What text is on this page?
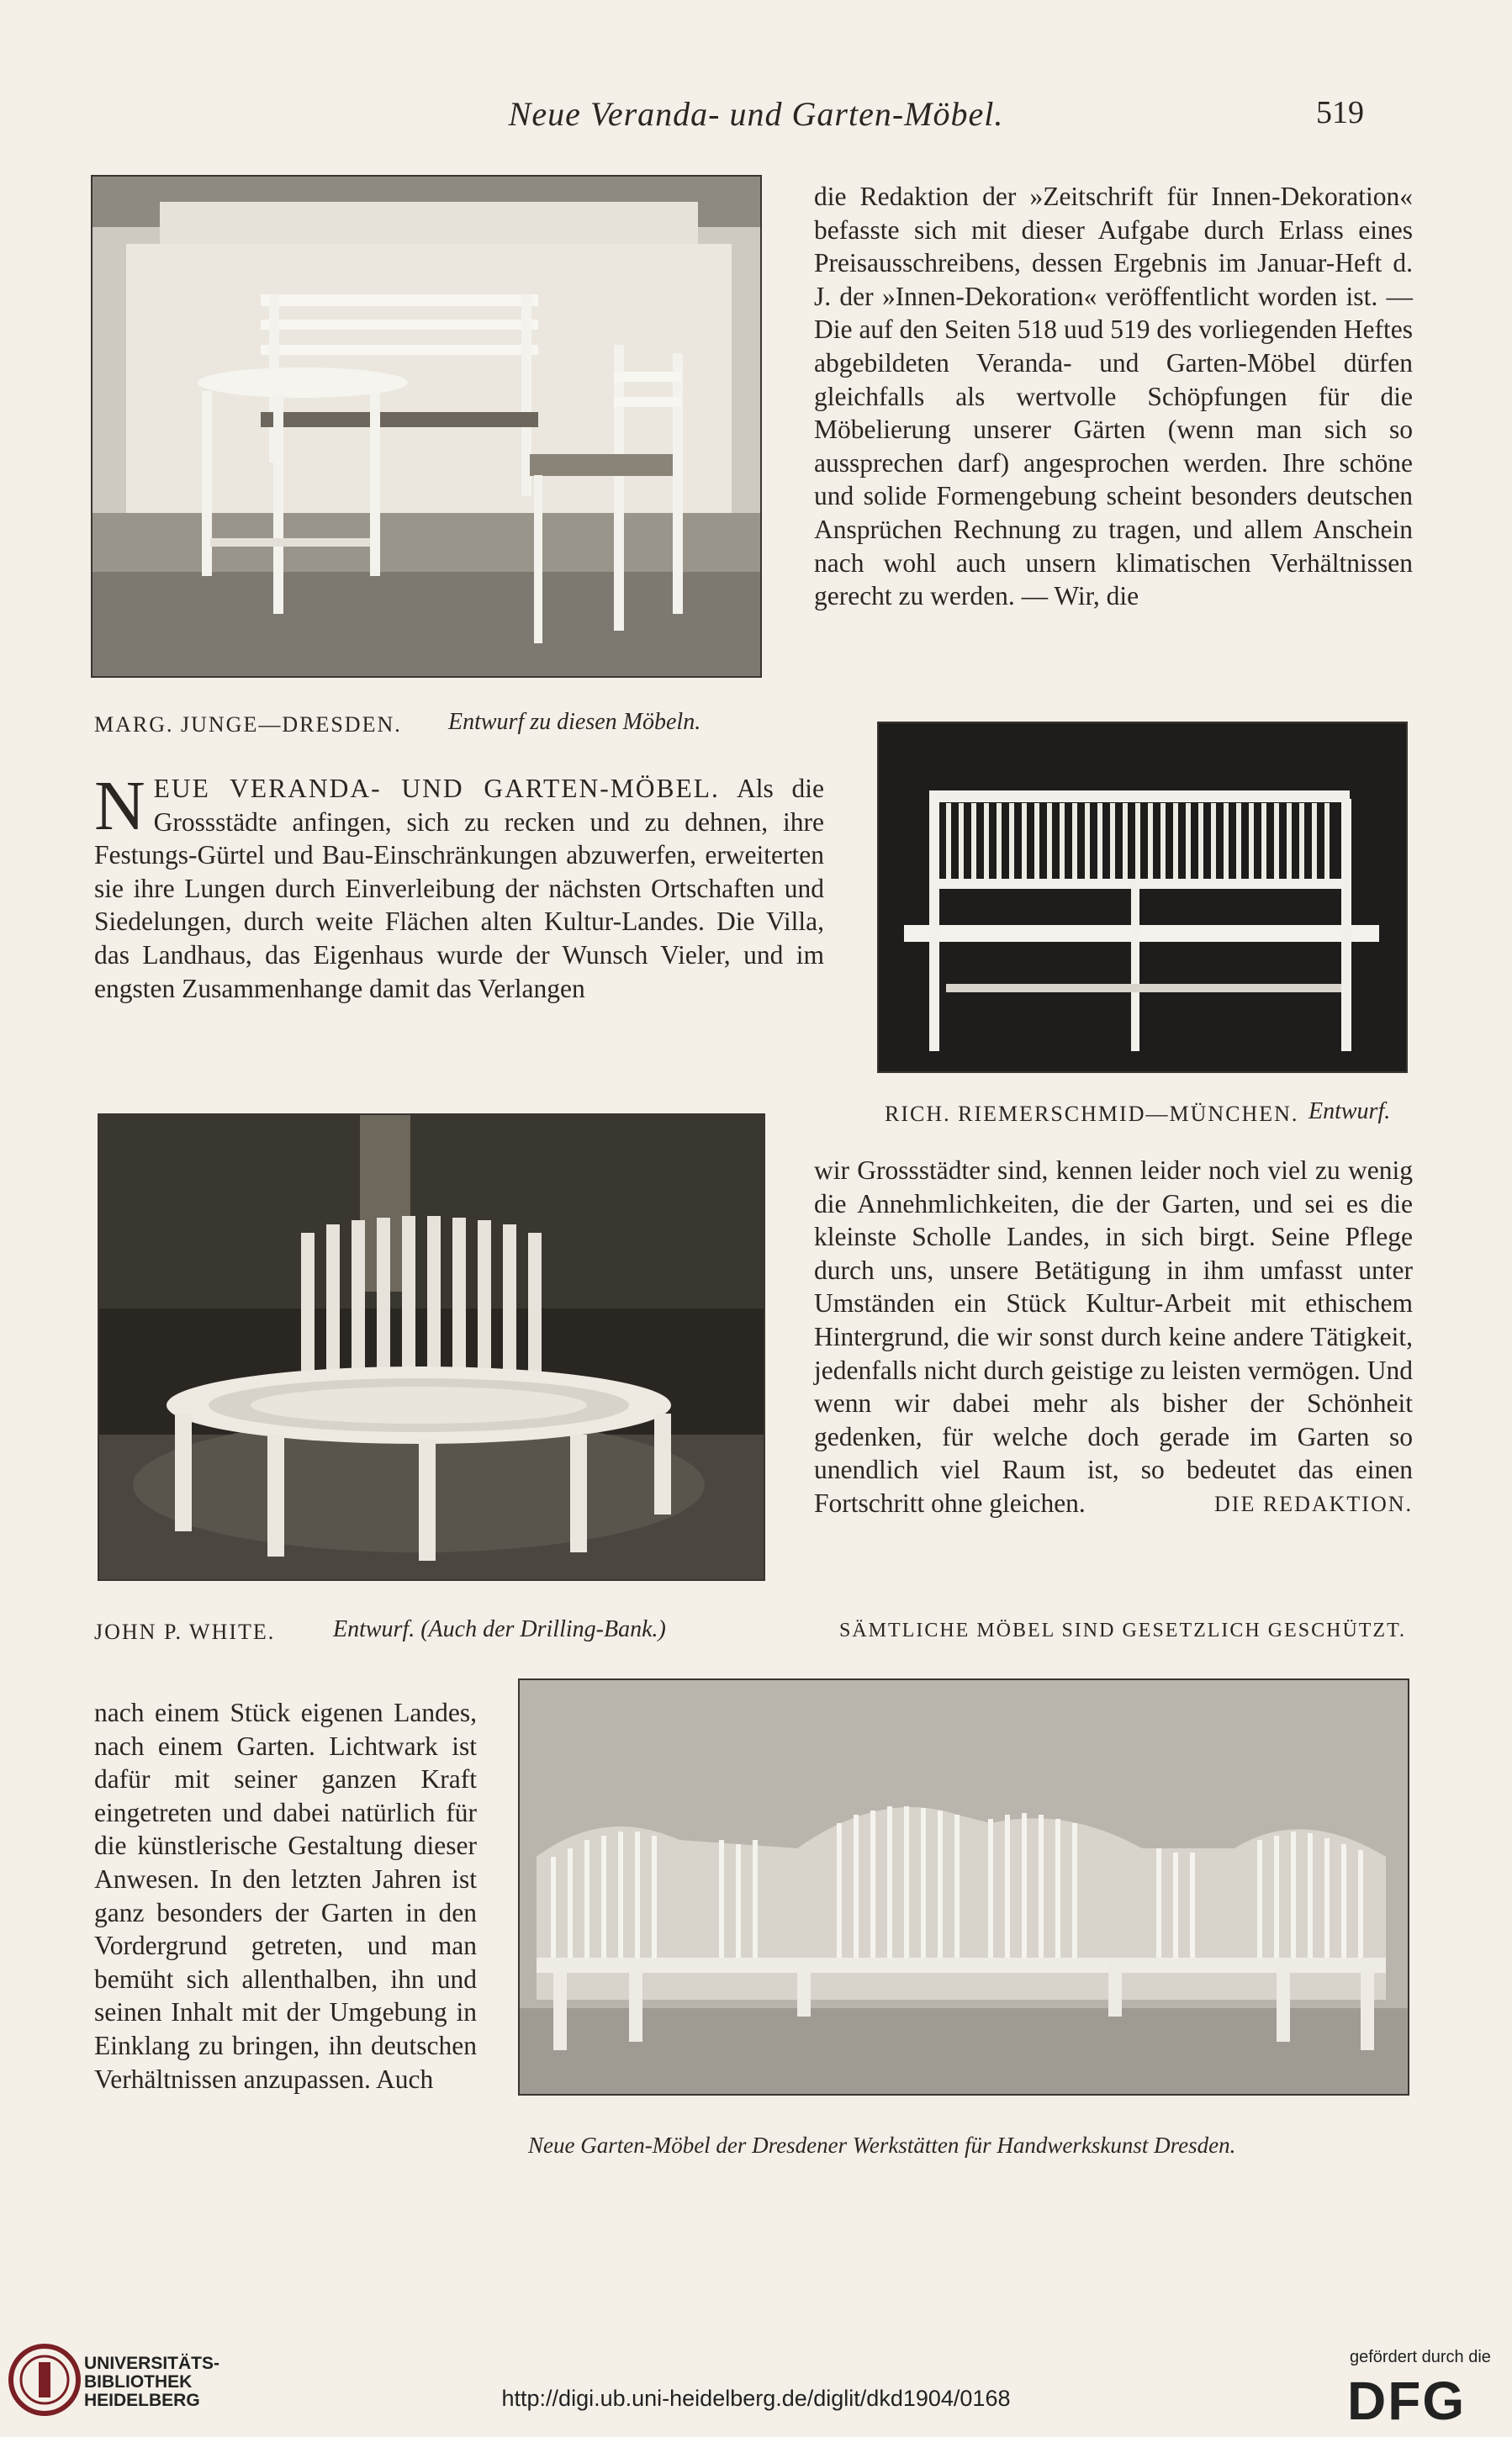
Neue Veranda- und Garten-Möbel.	519
MARG. JUNGE—DRESDEN. Entwurf zu diesen Möbeln.

die Redaktion der »Zeitschrift für Innen-Dekoration« befasste sich mit dieser Aufgabe durch Erlass eines Preisausschreibens, dessen Ergebnis im Januar-Heft d. J. der »Innen-Dekoration« veröffentlicht worden ist. — Die auf den Seiten 518 uud 519 des vorliegenden Heftes abgebildeten Veranda- und Garten-Möbel dürfen gleichfalls als wertvolle Schöpfungen für die Möbelierung unserer Gärten (wenn man sich so aussprechen darf) angesprochen werden. Ihre schöne und solide Formengebung scheint besonders deutschen Ansprüchen Rechnung zu tragen, und allem Anschein nach wohl auch unsern klimatischen Verhältnissen gerecht zu werden. — Wir, die

RICH. RIEMERSCHMID—MÜNCHEN. Entwurf.
N EUE VERANDA- UND GARTEN-MÖBEL. Als die Grossstädte anfingen, sich zu recken und zu dehnen, ihre Festungs-Gürtel und Bau-Einschränkungen abzuwerfen, erweiterten sie ihre Lungen durch Einverleibung der nächsten Ortschaften und Siedelungen, durch weite Flächen alten Kultur-Landes. Die Villa, das Landhaus, das Eigenhaus wurde der Wunsch Vieler, und im engsten Zusammenhange damit das Verlangen
JOHN P. WHITE. Entwurf. (Auch der Drilling-Bank.)	SÄMTLICHE MÖBEL SIND GESETZLICH GESCHÜTZT.

wir Grossstädter sind, kennen leider noch viel zu wenig die Annehmlichkeiten, die der Garten, und sei es die kleinste Scholle Landes, in sich birgt. Seine Pflege durch uns, unsere Betätigung in ihm umfasst unter Umständen ein Stück Kultur-Arbeit mit ethischem Hintergrund, die wir sonst durch keine andere Tätigkeit, jedenfalls nicht durch geistige zu leisten vermögen. Und wenn wir dabei mehr als bisher der Schönheit gedenken, für welche doch gerade im Garten so unendlich viel Raum ist, so bedeutet das einen Fortschritt ohne gleichen.	DIE REDAKTION.

nach einem Stück eigenen Landes, nach einem Garten. Lichtwark ist dafür mit seiner ganzen Kraft eingetreten und dabei natürlich für die künstlerische Gestaltung dieser Anwesen. In den letzten Jahren ist ganz besonders der Garten in den Vordergrund getreten, und man bemüht sich allenthalben, ihn und seinen Inhalt mit der Umgebung in Einklang zu bringen, ihn deutschen Verhältnissen anzupassen. Auch

Neue Garten-Möbel der Dresdener Werkstätten für Handwerkskunst Dresden.
UNIVERSITÄTS-
BIBLIOTHEK
HEIDELBERG	http://digi.ub.uni-heidelberg.de/diglit/dkd1904/0168
gefördert durch die
DFG
